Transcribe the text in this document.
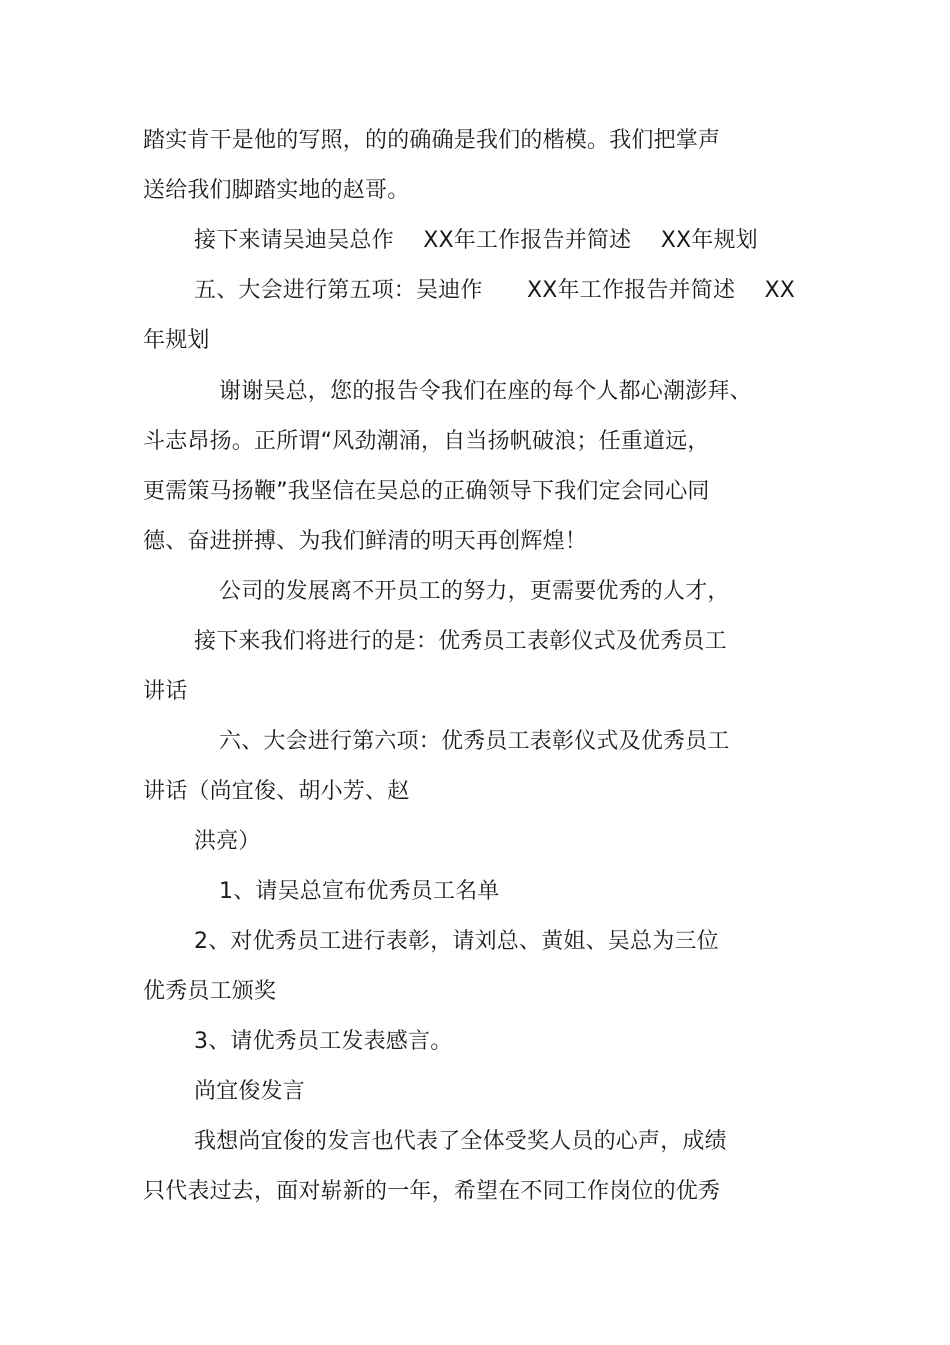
踏实肯干是他的写照，的的确确是我们的楷模。我们把掌声
送给我们脚踏实地的赵哥。
接下来请吴迪吴总作　 XX年工作报告并简述　 XX年规划
五、大会进行第五项：吴迪作　　XX年工作报告并简述　 XX
年规划
谢谢吴总，您的报告令我们在座的每个人都心潮澎拜、
斗志昂扬。正所谓“风劲潮涌，自当扬帆破浪；任重道远，
更需策马扬鞭”我坚信在吴总的正确领导下我们定会同心同
德、奋进拼搏、为我们鲜清的明天再创辉煌！
公司的发展离不开员工的努力，更需要优秀的人才，
接下来我们将进行的是：优秀员工表彰仪式及优秀员工
讲话
六、大会进行第六项：优秀员工表彰仪式及优秀员工
讲话（尚宜俊、胡小芳、赵
洪亮）
1、请吴总宣布优秀员工名单
2、对优秀员工进行表彰，请刘总、黄姐、吴总为三位
优秀员工颁奖
3、请优秀员工发表感言。
尚宜俊发言
我想尚宜俊的发言也代表了全体受奖人员的心声，成绩
只代表过去，面对崭新的一年，希望在不同工作岗位的优秀
